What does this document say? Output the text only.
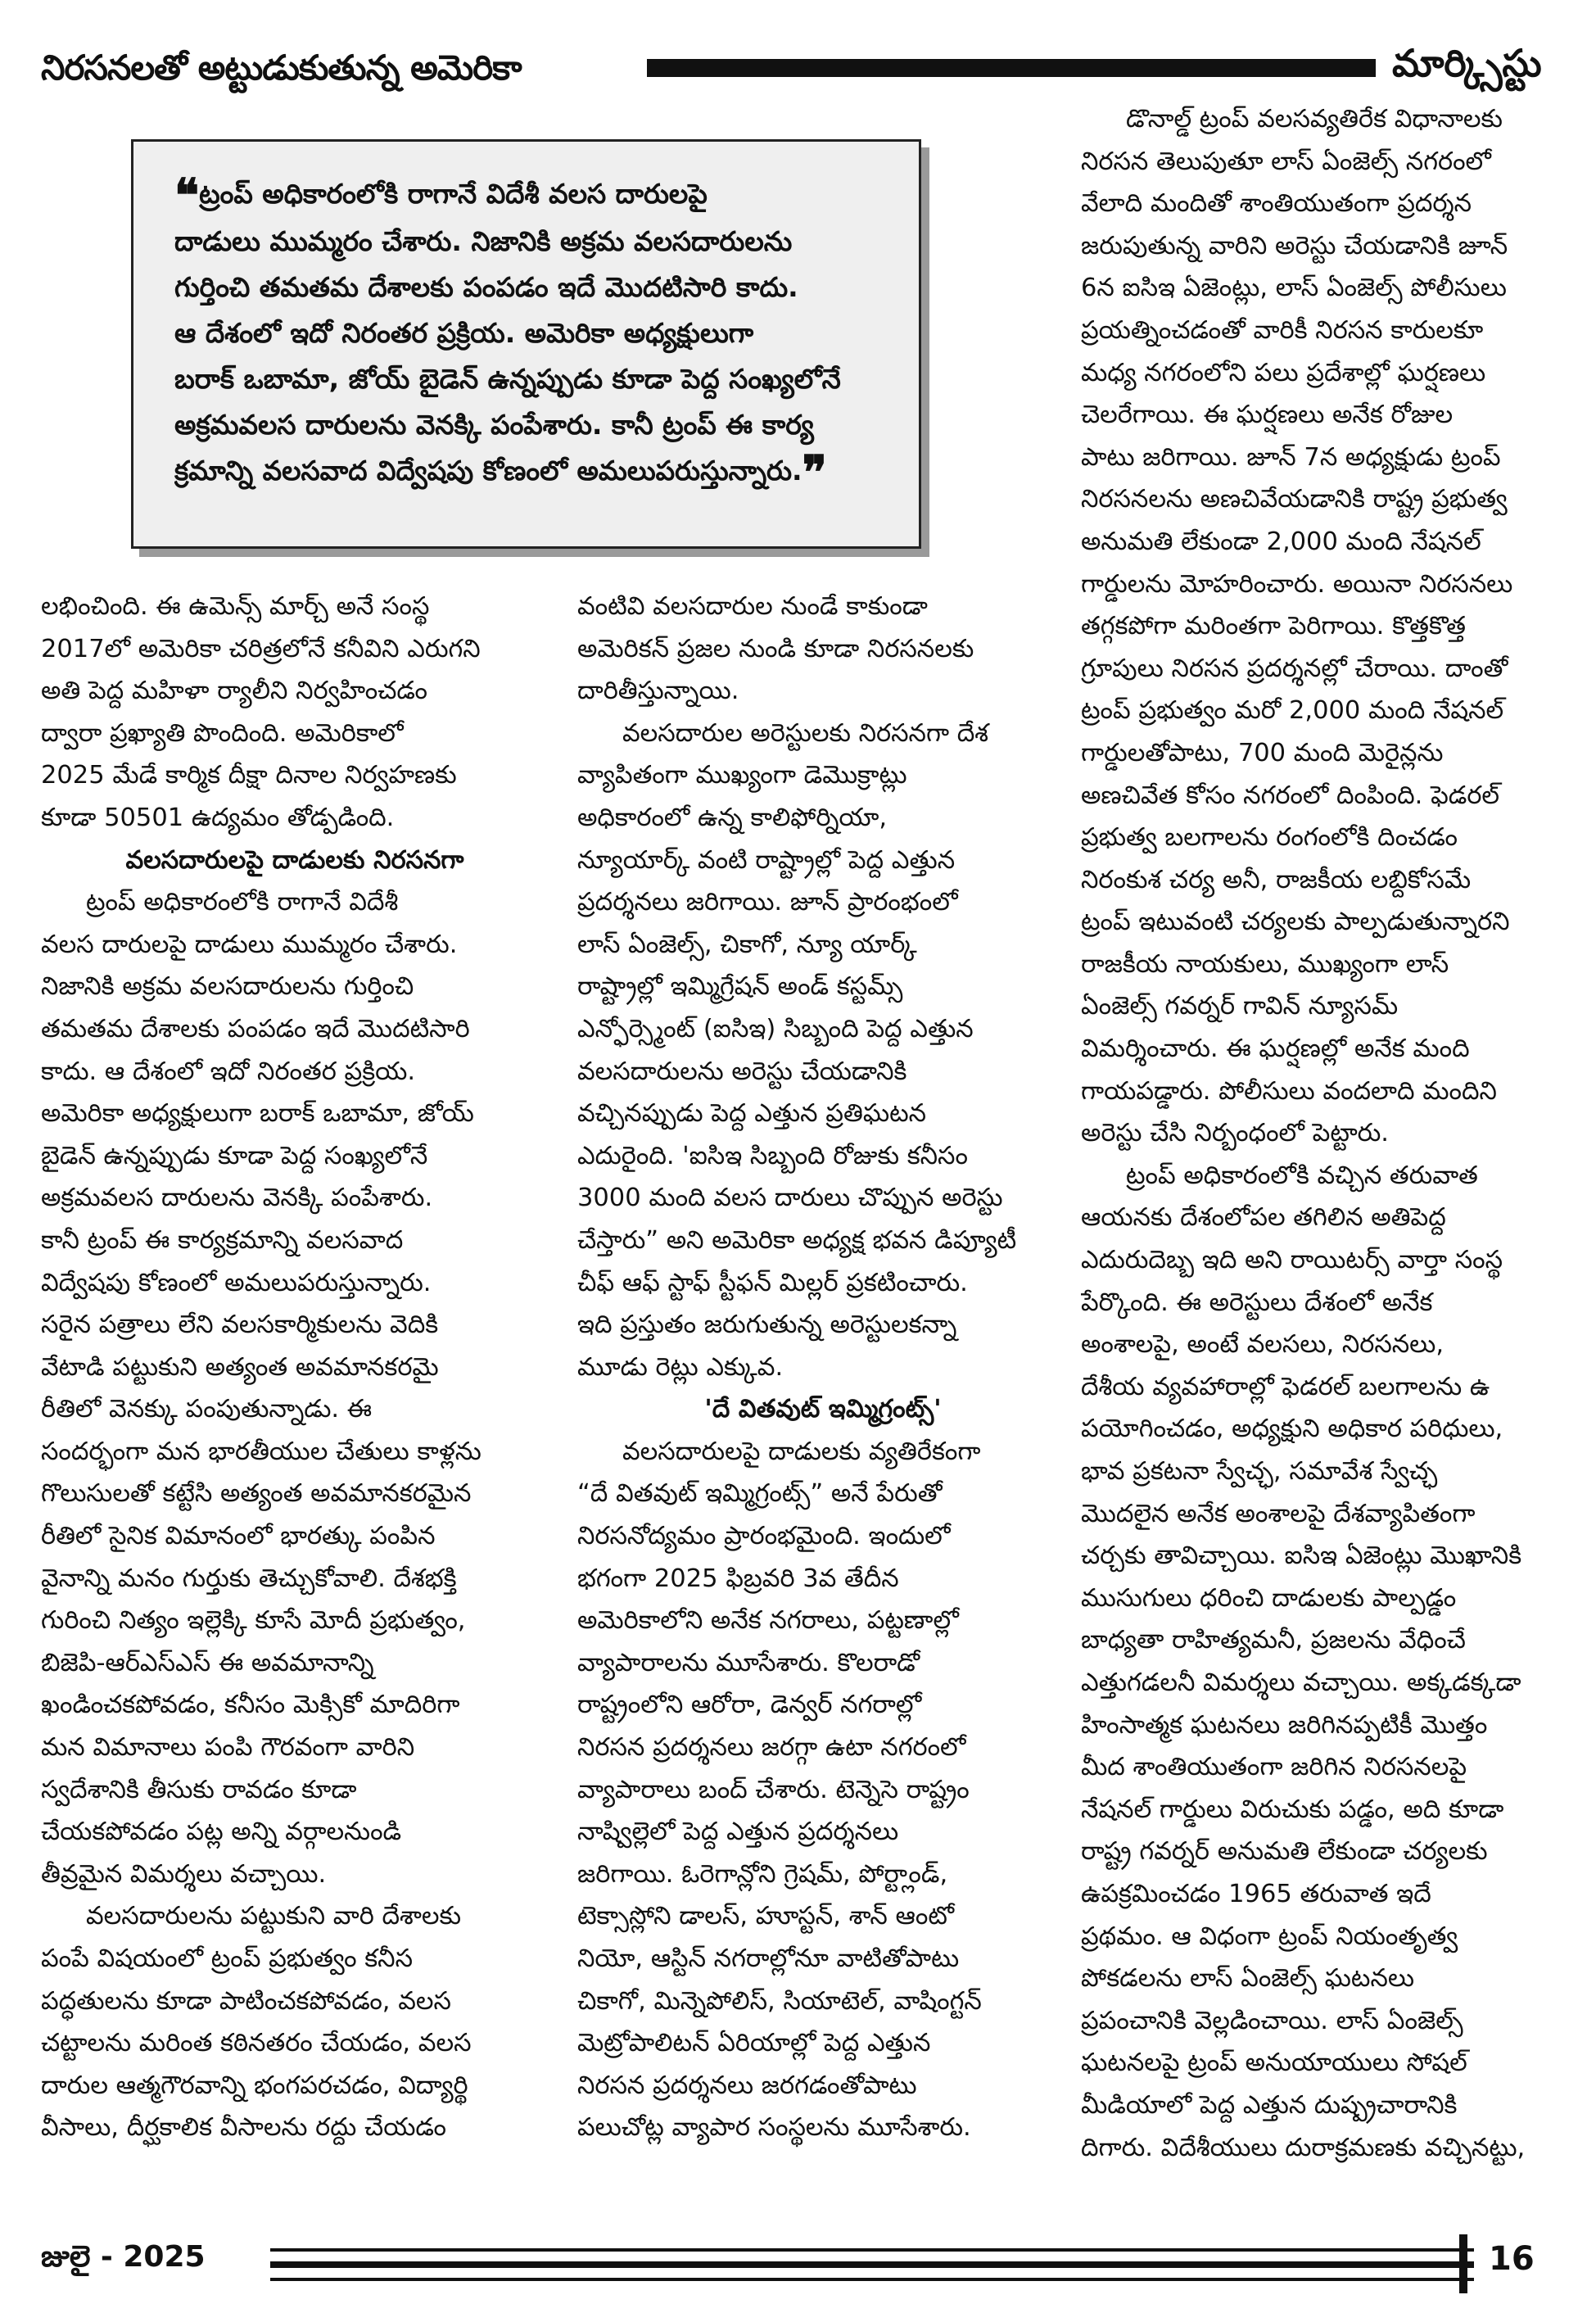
నిరసనలతో అట్టుడుకుతున్న అమెరికా	మార్క్సిస్టు
❝ట్రంప్ అధికారంలోకి రాగానే విదేశీ వలస దారులపై
దాడులు ముమ్మరం చేశారు. నిజానికి అక్రమ వలసదారులను
గుర్తించి తమతమ దేశాలకు పంపడం ఇదే మొదటిసారి కాదు.
ఆ దేశంలో ఇదో నిరంతర ప్రక్రియ. అమెరికా అధ్యక్షులుగా
బరాక్ ఒబామా, జోయ్ బైడెన్ ఉన్నప్పుడు కూడా పెద్ద సంఖ్యలోనే
అక్రమవలస దారులను వెనక్కి పంపేశారు. కానీ ట్రంప్ ఈ కార్య
క్రమాన్ని వలసవాద విద్వేషపు కోణంలో అమలుపరుస్తున్నారు.❞

లభించింది. ఈ ఉమెన్స్ మార్చ్ అనే సంస్థ

2017లో అమెరికా చరిత్రలోనే కనీవిని ఎరుగని

అతి పెద్ద మహిళా ర్యాలీని నిర్వహించడం

ద్వారా ప్రఖ్యాతి పొందింది. అమెరికాలో

2025 మేడే కార్మిక దీక్షా దినాల నిర్వహణకు

కూడా 50501 ఉద్యమం తోడ్పడింది.

వలసదారులపై దాడులకు నిరసనగా

ట్రంప్ అధికారంలోకి రాగానే విదేశీ

వలస దారులపై దాడులు ముమ్మరం చేశారు.

నిజానికి అక్రమ వలసదారులను గుర్తించి

తమతమ దేశాలకు పంపడం ఇదే మొదటిసారి

కాదు. ఆ దేశంలో ఇదో నిరంతర ప్రక్రియ.

అమెరికా అధ్యక్షులుగా బరాక్ ఒబామా, జోయ్

బైడెన్ ఉన్నప్పుడు కూడా పెద్ద సంఖ్యలోనే

అక్రమవలస దారులను వెనక్కి పంపేశారు.

కానీ ట్రంప్ ఈ కార్యక్రమాన్ని వలసవాద

విద్వేషపు కోణంలో అమలుపరుస్తున్నారు.

సరైన పత్రాలు లేని వలసకార్మికులను వెదికి

వేటాడి పట్టుకుని అత్యంత అవమానకరమై

రీతిలో వెనక్కు పంపుతున్నాడు. ఈ

సందర్భంగా మన భారతీయుల చేతులు కాళ్లను

గొలుసులతో కట్టేసి అత్యంత అవమానకరమైన

రీతిలో సైనిక విమానంలో భారత్కు పంపిన

వైనాన్ని మనం గుర్తుకు తెచ్చుకోవాలి. దేశభక్తి

గురించి నిత్యం ఇల్లెక్కి కూసే మోదీ ప్రభుత్వం,

బిజెపి-ఆర్ఎస్ఎస్ ఈ అవమానాన్ని

ఖండించకపోవడం, కనీసం మెక్సికో మాదిరిగా

మన విమానాలు పంపి గౌరవంగా వారిని

స్వదేశానికి తీసుకు రావడం కూడా

చేయకపోవడం పట్ల అన్ని వర్గాలనుండి

తీవ్రమైన విమర్శలు వచ్చాయి.

వలసదారులను పట్టుకుని వారి దేశాలకు

పంపే విషయంలో ట్రంప్ ప్రభుత్వం కనీస

పద్ధతులను కూడా పాటించకపోవడం, వలస

చట్టాలను మరింత కఠినతరం చేయడం, వలస

దారుల ఆత్మగౌరవాన్ని భంగపరచడం, విద్యార్థి

వీసాలు, దీర్ఘకాలిక వీసాలను రద్దు చేయడం

వంటివి వలసదారుల నుండే కాకుండా

అమెరికన్ ప్రజల నుండి కూడా నిరసనలకు

దారితీస్తున్నాయి.

వలసదారుల అరెస్టులకు నిరసనగా దేశ

వ్యాపితంగా ముఖ్యంగా డెమొక్రాట్లు

అధికారంలో ఉన్న కాలిఫోర్నియా,

న్యూయార్క్ వంటి రాష్ట్రాల్లో పెద్ద ఎత్తున

ప్రదర్శనలు జరిగాయి. జూన్ ప్రారంభంలో

లాస్ ఏంజెల్స్, చికాగో, న్యూ యార్క్

రాష్ట్రాల్లో ఇమ్మిగ్రేషన్ అండ్ కస్టమ్స్

ఎన్ఫోర్స్మెంట్ (ఐసిఇ) సిబ్బంది పెద్ద ఎత్తున

వలసదారులను అరెస్టు చేయడానికి

వచ్చినప్పుడు పెద్ద ఎత్తున ప్రతిఘటన

ఎదురైంది. 'ఐసిఇ సిబ్బంది రోజుకు కనీసం

3000 మంది వలస దారులు చొప్పున అరెస్టు

చేస్తారు” అని అమెరికా అధ్యక్ష భవన డిప్యూటీ

చీఫ్ ఆఫ్ స్టాఫ్ స్టీఫన్ మిల్లర్ ప్రకటించారు.

ఇది ప్రస్తుతం జరుగుతున్న అరెస్టులకన్నా

మూడు రెట్లు ఎక్కువ.

'దే వితవుట్ ఇమ్మిగ్రంట్స్'

వలసదారులపై దాడులకు వ్యతిరేకంగా

“దే వితవుట్ ఇమ్మిగ్రంట్స్” అనే పేరుతో

నిరసనోద్యమం ప్రారంభమైంది. ఇందులో

భగంగా 2025 ఫిబ్రవరి 3వ తేదీన

అమెరికాలోని అనేక నగరాలు, పట్టణాల్లో

వ్యాపారాలను మూసేశారు. కొలరాడో

రాష్ట్రంలోని ఆరోరా, డెన్వర్ నగరాల్లో

నిరసన ప్రదర్శనలు జరగ్గా ఉటా నగరంలో

వ్యాపారాలు బంద్ చేశారు. టెన్నెసె రాష్ట్రం

నాష్విల్లెలో పెద్ద ఎత్తున ప్రదర్శనలు

జరిగాయి. ఓరెగాన్లోని గ్రెషమ్, పోర్ట్లాండ్,

టెక్సాస్లోని డాలస్, హూస్టన్, శాన్ ఆంటో

నియో, ఆస్టిన్ నగరాల్లోనూ వాటితోపాటు

చికాగో, మిన్నెపోలిస్, సియాటెల్, వాషింగ్టన్

మెట్రోపాలిటన్ ఏరియాల్లో పెద్ద ఎత్తున

నిరసన ప్రదర్శనలు జరగడంతోపాటు

పలుచోట్ల వ్యాపార సంస్థలను మూసేశారు.

డొనాల్డ్ ట్రంప్ వలసవ్యతిరేక విధానాలకు

నిరసన తెలుపుతూ లాస్ ఏంజెల్స్ నగరంలో

వేలాది మందితో శాంతియుతంగా ప్రదర్శన

జరుపుతున్న వారిని అరెస్టు చేయడానికి జూన్

6న ఐసిఇ ఏజెంట్లు, లాస్ ఏంజెల్స్ పోలీసులు

ప్రయత్నించడంతో వారికీ నిరసన కారులకూ

మధ్య నగరంలోని పలు ప్రదేశాల్లో ఘర్షణలు

చెలరేగాయి. ఈ ఘర్షణలు అనేక రోజుల

పాటు జరిగాయి. జూన్ 7న అధ్యక్షుడు ట్రంప్

నిరసనలను అణచివేయడానికి రాష్ట్ర ప్రభుత్వ

అనుమతి లేకుండా 2,000 మంది నేషనల్

గార్డులను మోహరించారు. అయినా నిరసనలు

తగ్గకపోగా మరింతగా పెరిగాయి. కొత్తకొత్త

గ్రూపులు నిరసన ప్రదర్శనల్లో చేరాయి. దాంతో

ట్రంప్ ప్రభుత్వం మరో 2,000 మంది నేషనల్

గార్డులతోపాటు, 700 మంది మెరైన్లను

అణచివేత కోసం నగరంలో దింపింది. ఫెడరల్

ప్రభుత్వ బలగాలను రంగంలోకి దించడం

నిరంకుశ చర్య అనీ, రాజకీయ లబ్దికోసమే

ట్రంప్ ఇటువంటి చర్యలకు పాల్పడుతున్నారని

రాజకీయ నాయకులు, ముఖ్యంగా లాస్

ఏంజెల్స్ గవర్నర్ గావిన్ న్యూసమ్

విమర్శించారు. ఈ ఘర్షణల్లో అనేక మంది

గాయపడ్డారు. పోలీసులు వందలాది మందిని

అరెస్టు చేసి నిర్బంధంలో పెట్టారు.

ట్రంప్ అధికారంలోకి వచ్చిన తరువాత

ఆయనకు దేశంలోపల తగిలిన అతిపెద్ద

ఎదురుదెబ్బ ఇది అని రాయిటర్స్ వార్తా సంస్థ

పేర్కొంది. ఈ అరెస్టులు దేశంలో అనేక

అంశాలపై, అంటే వలసలు, నిరసనలు,

దేశీయ వ్యవహారాల్లో ఫెడరల్ బలగాలను ఉ

పయోగించడం, అధ్యక్షుని అధికార పరిధులు,

భావ ప్రకటనా స్వేచ్ఛ, సమావేశ స్వేచ్ఛ

మొదలైన అనేక అంశాలపై దేశవ్యాపితంగా

చర్చకు తావిచ్చాయి. ఐసిఇ ఏజెంట్లు మొఖానికి

ముసుగులు ధరించి దాడులకు పాల్పడ్డం

బాధ్యతా రాహిత్యమనీ, ప్రజలను వేధించే

ఎత్తుగడలనీ విమర్శలు వచ్చాయి. అక్కడక్కడా

హింసాత్మక ఘటనలు జరిగినప్పటికీ మొత్తం

మీద శాంతియుతంగా జరిగిన నిరసనలపై

నేషనల్ గార్డులు విరుచుకు పడ్డం, అది కూడా

రాష్ట్ర గవర్నర్ అనుమతి లేకుండా చర్యలకు

ఉపక్రమించడం 1965 తరువాత ఇదే

ప్రథమం. ఆ విధంగా ట్రంప్ నియంతృత్వ

పోకడలను లాస్ ఏంజెల్స్ ఘటనలు

ప్రపంచానికి వెల్లడించాయి. లాస్ ఏంజెల్స్

ఘటనలపై ట్రంప్ అనుయాయులు సోషల్

మీడియాలో పెద్ద ఎత్తున దుష్ప్రచారానికి

దిగారు. విదేశీయులు దురాక్రమణకు వచ్చినట్టు,

జులై - 2025	16
